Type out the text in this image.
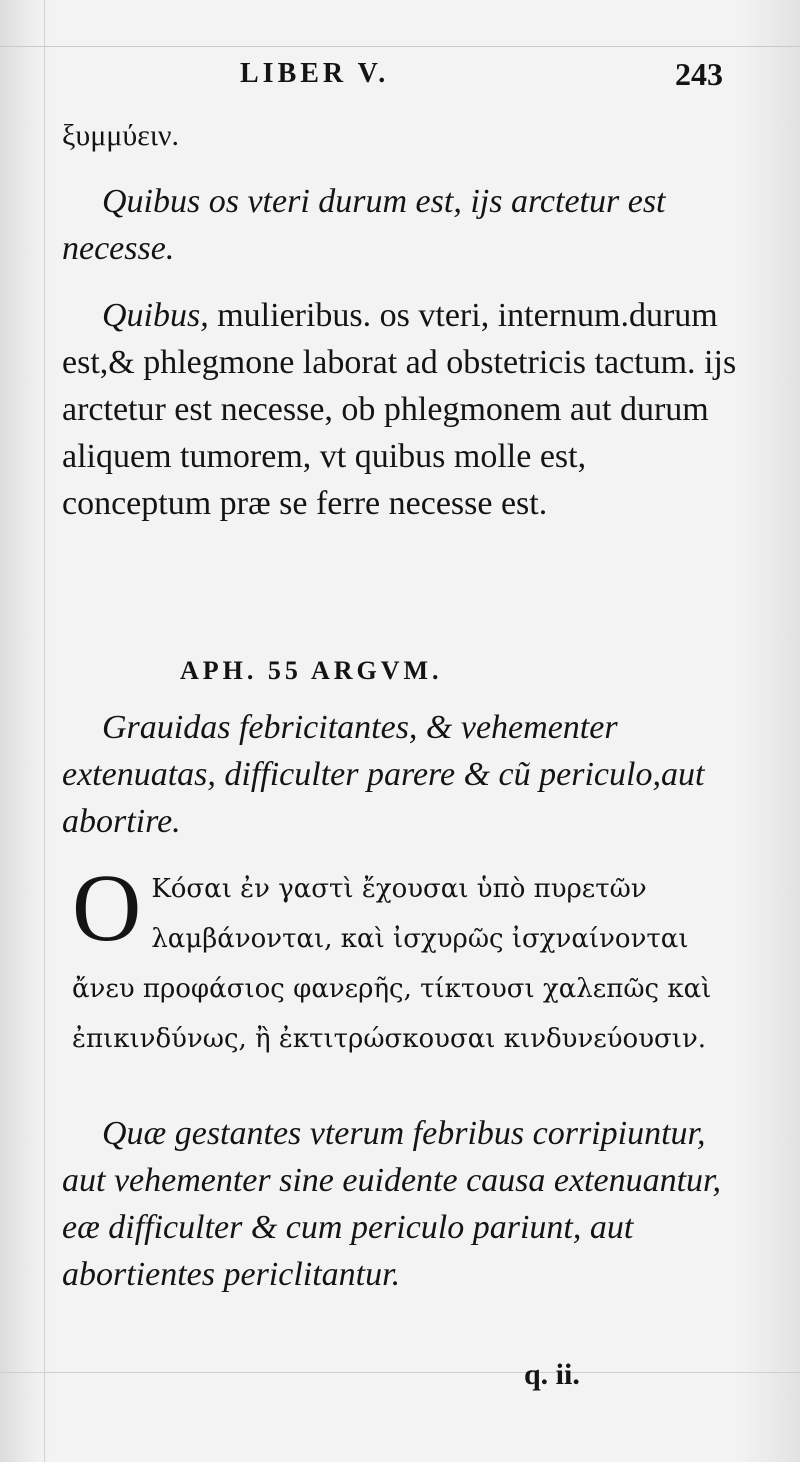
LIBER V.	243

ξυμμύειν.

Quibus os vteri durum est, ijs arctetur est necesse.

Quibus, mulieribus. os vteri, internum.durum est,& phlegmone laborat ad obstetricis tactum. ijs arctetur est necesse, ob phlegmonem aut durum aliquem tumorem, vt quibus molle est, conceptum præ se ferre necesse est.

APH. 55 ARGVM.

Grauidas febricitantes, & vehementer extenuatas, difficulter parere & cũ periculo,aut abortire.

O Κόσαι ἐν γαστὶ ἔχουσαι ὑπὸ πυρετῶν λαμβάνονται, καὶ ἰσχυρῶς ἰσχναίνονται ἄνευ προφάσιος φανερῆς, τίκτουσι χαλεπῶς καὶ ἐπικινδύνως, ἢ ἐκτιτρώσκουσαι κινδυνεύουσιν.

Quæ gestantes vterum febribus corripiuntur, aut vehementer sine euidente causa extenuantur, eæ difficulter & cum periculo pariunt, aut abortientes periclitantur.

q. ii.
